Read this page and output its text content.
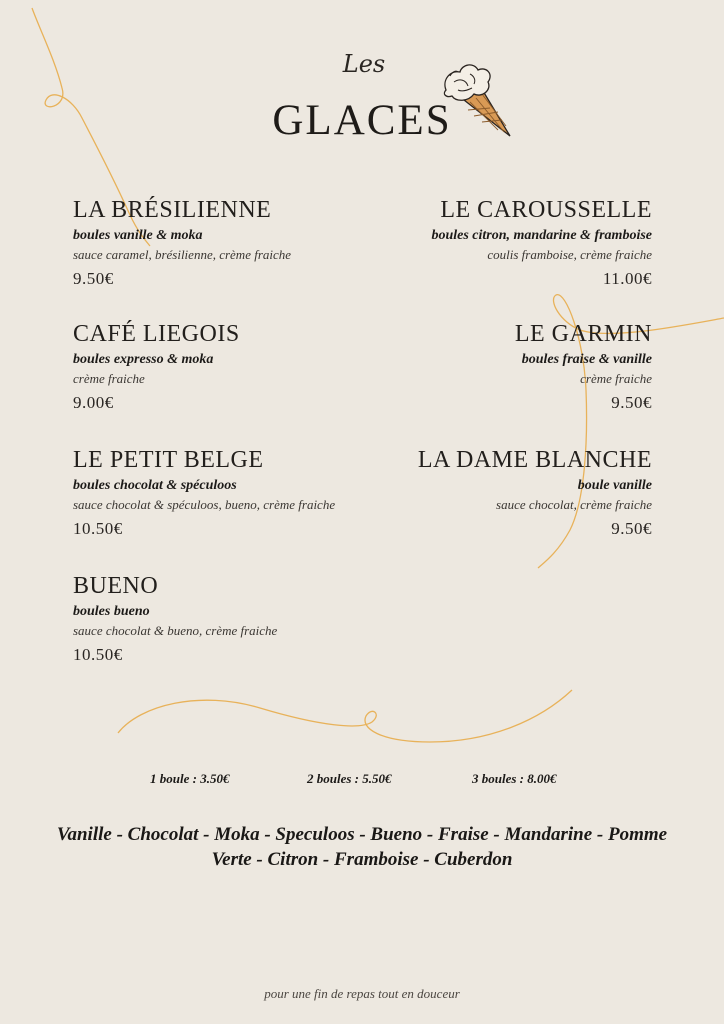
Les
GLACES
LA BRÉSILIENNE
boules vanille & moka
sauce caramel, brésilienne, crème fraiche
9.50€
LE CAROUSSELLE
boules citron, mandarine & framboise
coulis framboise, crème fraiche
11.00€
CAFÉ LIEGOIS
boules expresso & moka
crème fraiche
9.00€
LE GARMIN
boules fraise & vanille
crème fraiche
9.50€
LE PETIT BELGE
boules chocolat & spéculoos
sauce chocolat & spéculoos, bueno, crème fraiche
10.50€
LA DAME BLANCHE
boule vanille
sauce chocolat, crème fraiche
9.50€
BUENO
boules bueno
sauce chocolat & bueno, crème fraiche
10.50€
1 boule : 3.50€	2 boules : 5.50€	3 boules : 8.00€
Vanille - Chocolat - Moka - Speculoos - Bueno - Fraise - Mandarine - Pomme
Verte - Citron - Framboise - Cuberdon
pour une fin de repas tout en douceur
